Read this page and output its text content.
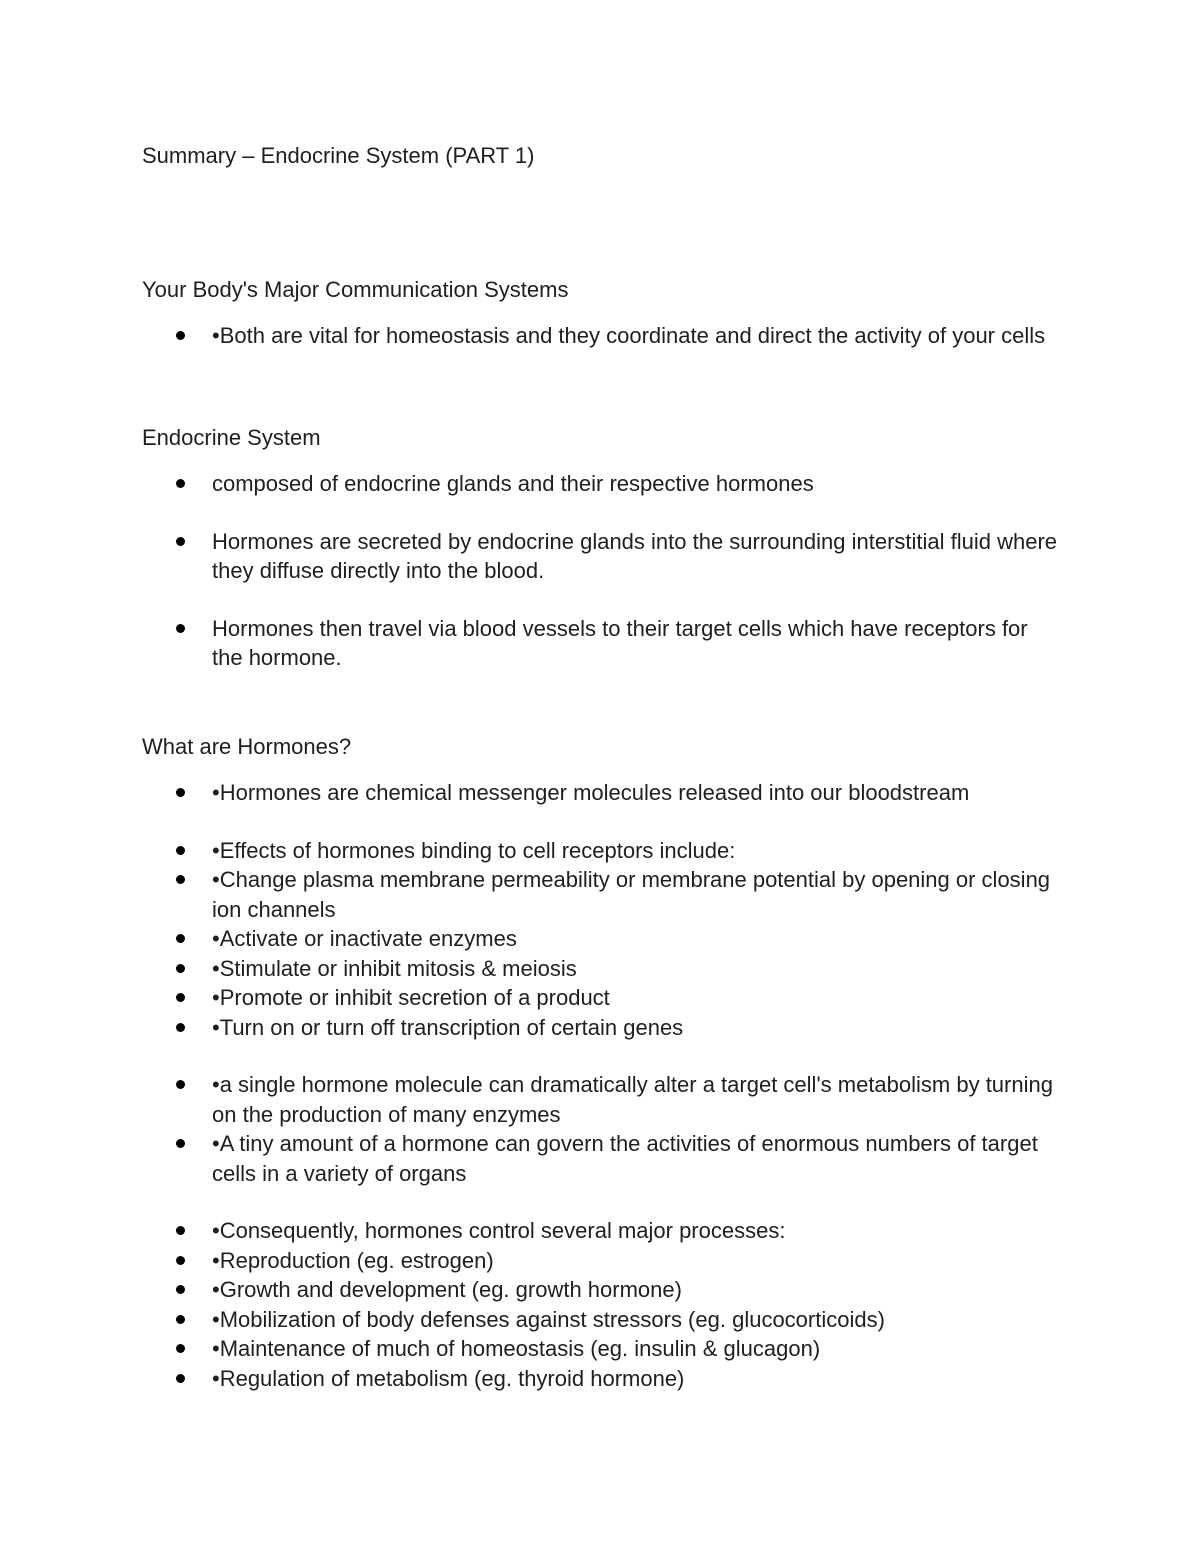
Summary – Endocrine System (PART 1)
Your Body's Major Communication Systems
•Both are vital for homeostasis and they coordinate and direct the activity of your cells
Endocrine System
composed of endocrine glands and their respective hormones
Hormones are secreted by endocrine glands into the surrounding interstitial fluid where they diffuse directly into the blood.
Hormones then travel via blood vessels to their target cells which have receptors for the hormone.
What are Hormones?
•Hormones are chemical messenger molecules released into our bloodstream
•Effects of hormones binding to cell receptors include:
•Change plasma membrane permeability or membrane potential by opening or closing ion channels
•Activate or inactivate enzymes
•Stimulate or inhibit mitosis & meiosis
•Promote or inhibit secretion of a product
•Turn on or turn off transcription of certain genes
•a single hormone molecule can dramatically alter a target cell's metabolism by turning on the production of many enzymes
•A tiny amount of a hormone can govern the activities of enormous numbers of target cells in a variety of organs
•Consequently, hormones control several major processes:
•Reproduction (eg. estrogen)
•Growth and development (eg. growth hormone)
•Mobilization of body defenses against stressors (eg. glucocorticoids)
•Maintenance of much of homeostasis (eg. insulin & glucagon)
•Regulation of metabolism (eg. thyroid hormone)
